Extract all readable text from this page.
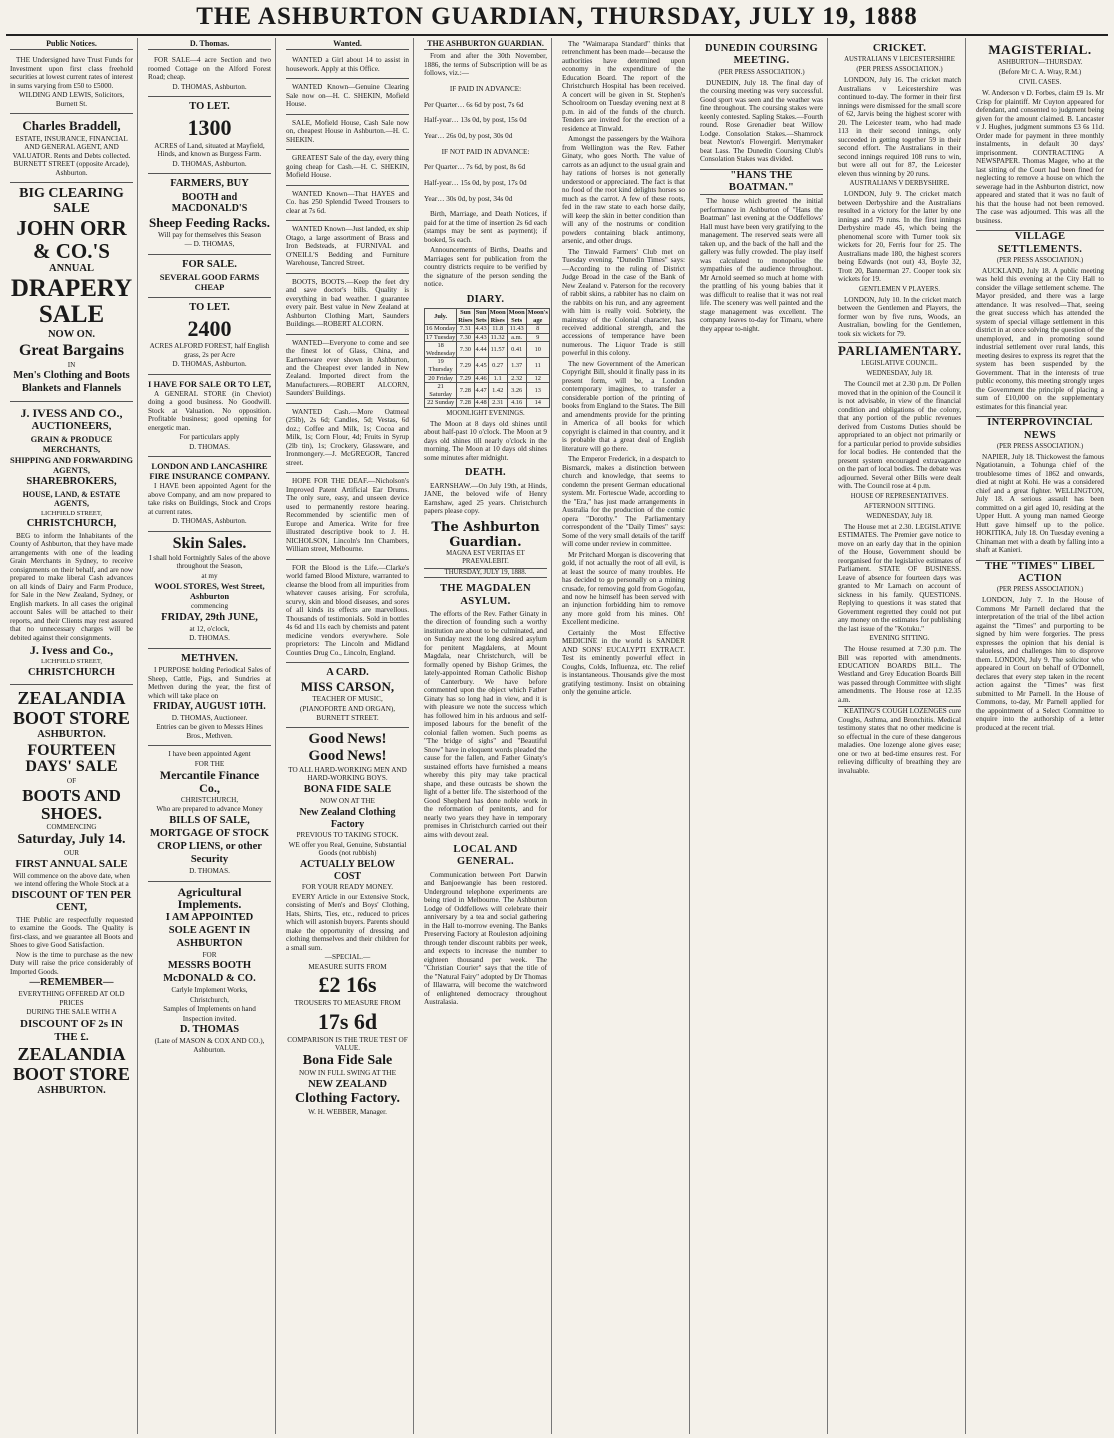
THE ASHBURTON GUARDIAN, THURSDAY, JULY 19, 1888
Public Notices.

THE Undersigned have Trust Funds for Investment upon first class freehold securities at lowest current rates of interest in sums varying from £50 to £5000.

WILDING AND LEWIS, Solicitors, Burnett St.

Charles Braddell,

ESTATE, INSURANCE, FINANCIAL AND GENERAL AGENT, AND VALUATOR. Rents and Debts collected. BURNETT STREET (opposite Arcade), Ashburton.

BIG CLEARING SALE

JOHN ORR & CO.'S

ANNUAL

DRAPERY SALE

NOW ON.

Great Bargains

IN

Men's Clothing and Boots

Blankets and Flannels

J. IVESS AND CO.,

AUCTIONEERS,

GRAIN & PRODUCE MERCHANTS,

SHIPPING AND FORWARDING AGENTS,

SHAREBROKERS,

HOUSE, LAND, & ESTATE AGENTS,

LICHFIELD STREET,

CHRISTCHURCH,

BEG to inform the Inhabitants of the County of Ashburton, that they have made arrangements with one of the leading Grain Merchants in Sydney, to receive consignments on their behalf, and are now prepared to make liberal Cash advances on all kinds of Dairy and Farm Produce, for Sale in the New Zealand, Sydney, or English markets. In all cases the original account Sales will be attached to their reports, and their Clients may rest assured that no unnecessary charges will be debited against their consignments.

J. Ivess and Co.,

LICHFIELD STREET,

CHRISTCHURCH

ZEALANDIA

BOOT STORE

ASHBURTON.

FOURTEEN DAYS' SALE

OF

BOOTS AND SHOES.

COMMENCING

Saturday, July 14.

OUR

FIRST ANNUAL SALE

Will commence on the above date, when we intend offering the Whole Stock at a

DISCOUNT OF TEN PER CENT,

THE Public are respectfully requested to examine the Goods. The Quality is first-class, and we guarantee all Boots and Shoes to give Good Satisfaction.

Now is the time to purchase as the new Duty will raise the price considerably of Imported Goods.

—REMEMBER—

EVERYTHING OFFERED AT OLD PRICES

DURING THE SALE WITH A

DISCOUNT OF 2s IN THE £.

ZEALANDIA

BOOT STORE

ASHBURTON.

D. Thomas.

FOR SALE—4 acre Section and two roomed Cottage on the Alford Forest Road; cheap.

D. THOMAS, Ashburton.

TO LET.

1300

ACRES of Land, situated at Mayfield, Hinds, and known as Burgess Farm.

D. THOMAS, Ashburton.

FARMERS, BUY

BOOTH and MACDONALD'S

Sheep Feeding Racks.

Will pay for themselves this Season

— D. THOMAS,

FOR SALE.

SEVERAL GOOD FARMS CHEAP

TO LET.

2400

ACRES ALFORD FOREST, half English grass, 2s per Acre

D. THOMAS, Ashburton.

I HAVE FOR SALE OR TO LET,

A GENERAL STORE (in Cheviot) doing a good business. No Goodwill. Stock at Valuation. No opposition. Profitable business; good opening for energetic man.

For particulars apply

D. THOMAS.

LONDON AND LANCASHIRE FIRE INSURANCE COMPANY.

I HAVE been appointed Agent for the above Company, and am now prepared to take risks on Buildings, Stock and Crops at current rates.

D. THOMAS, Ashburton.

Skin Sales.

I shall hold Fortnightly Sales of the above throughout the Season,

at my

WOOL STORES, West Street, Ashburton

commencing

FRIDAY, 29th JUNE,

at 12, o'clock,

D. THOMAS.

METHVEN.

I PURPOSE holding Periodical Sales of Sheep, Cattle, Pigs, and Sundries at Methven during the year, the first of which will take place on

FRIDAY, AUGUST 10TH.

D. THOMAS, Auctioneer.

Entries can be given to Messrs Hines Bros., Methven.

I have been appointed Agent

FOR THE

Mercantile Finance Co.,

CHRISTCHURCH,

Who are prepared to advance Money

BILLS OF SALE,

MORTGAGE OF STOCK

CROP LIENS, or other Security

D. THOMAS.

Agricultural Implements.

I AM APPOINTED

SOLE AGENT IN ASHBURTON

FOR

MESSRS BOOTH McDONALD & CO.

Carlyle Implement Works,

Christchurch,

Samples of Implements on hand

Inspection invited.

D. THOMAS

(Late of MASON & COX AND CO.), Ashburton.

Wanted.

WANTED a Girl about 14 to assist in housework. Apply at this Office.

WANTED Known—Genuine Clearing Sale now on—H. C. SHEKIN, Mofield House.

SALE, Mofield House, Cash Sale now on, cheapest House in Ashburton.—H. C. SHEKIN.

GREATEST Sale of the day, every thing going cheap for Cash.—H. C. SHEKIN, Mofield House.

WANTED Known—That HAYES and Co. has 250 Splendid Tweed Trousers to clear at 7s 6d.

WANTED Known—Just landed, ex ship Otago, a large assortment of Brass and Iron Bedsteads, at FURNIVAL and O'NEILL'S Bedding and Furniture Warehouse, Tancred Street.

BOOTS, BOOTS.—Keep the feet dry and save doctor's bills. Quality is everything in bad weather. I guarantee every pair. Best value in New Zealand at Ashburton Clothing Mart, Saunders Buildings.—ROBERT ALCORN.

WANTED—Everyone to come and see the finest lot of Glass, China, and Earthenware ever shown in Ashburton, and the Cheapest ever landed in New Zealand. Imported direct from the Manufacturers.—ROBERT ALCORN, Saunders' Buildings.

WANTED Cash.—More Oatmeal (25lb), 2s 6d; Candles, 5d; Vestas, 6d doz.; Coffee and Milk, 1s; Cocoa and Milk, 1s; Corn Flour, 4d; Fruits in Syrup (2lb tin), 1s; Crockery, Glassware, and Ironmongery.—J. McGREGOR, Tancred street.

HOPE FOR THE DEAF.—Nicholson's Improved Patent Artificial Ear Drums. The only sure, easy, and unseen device used to permanently restore hearing. Recommended by scientific men of Europe and America. Write for free illustrated descriptive book to J. H. NICHOLSON, Lincoln's Inn Chambers, William street, Melbourne.

FOR the Blood is the Life.—Clarke's world famed Blood Mixture, warranted to cleanse the blood from all impurities from whatever causes arising. For scrofula, scurvy, skin and blood diseases, and sores of all kinds its effects are marvellous. Thousands of testimonials. Sold in bottles 4s 6d and 11s each by chemists and patent medicine vendors everywhere. Sole proprietors: The Lincoln and Midland Counties Drug Co., Lincoln, England.

A CARD.

MISS CARSON,

TEACHER OF MUSIC,

(PIANOFORTE AND ORGAN),

BURNETT STREET.

Good News!

Good News!

TO ALL HARD-WORKING MEN AND HARD-WORKING BOYS.

BONA FIDE SALE

NOW ON AT THE

New Zealand Clothing Factory

PREVIOUS TO TAKING STOCK.

WE offer you Real, Genuine, Substantial Goods (not rubbish)

ACTUALLY BELOW COST

FOR YOUR READY MONEY.

EVERY Article in our Extensive Stock, consisting of Men's and Boys' Clothing, Hats, Shirts, Ties, etc., reduced to prices which will astonish buyers. Parents should make the opportunity of dressing and clothing themselves and their children for a small sum.

—SPECIAL.—

MEASURE SUITS FROM

£2 16s

TROUSERS TO MEASURE FROM

17s 6d

COMPARISON IS THE TRUE TEST OF VALUE.

Bona Fide Sale

NOW IN FULL SWING AT THE

NEW ZEALAND

Clothing Factory.

W. H. WEBBER, Manager.

THE ASHBURTON GUARDIAN.

From and after the 30th November, 1886, the terms of Subscription will be as follows, viz.:—

IF PAID IN ADVANCE:

Per Quarter… 6s 6d by post, 7s 6d

Half-year… 13s 0d, by post, 15s 0d

Year… 26s 0d, by post, 30s 0d

IF NOT PAID IN ADVANCE:

Per Quarter… 7s 6d, by post, 8s 6d

Half-year… 15s 0d, by post, 17s 0d

Year… 30s 0d, by post, 34s 0d

Birth, Marriage, and Death Notices, if paid for at the time of insertion 2s 6d each (stamps may be sent as payment); if booked, 5s each.

Announcements of Births, Deaths and Marriages sent for publication from the country districts require to be verified by the signature of the person sending the notice.

DIARY.

July.	Sun Rises	Sun Sets	Moon Rises	Moon Sets	Moon's age
16 Monday	7.31	4.43	11.8	11.43	8
17 Tuesday	7.30	4.43	11.32	a.m.	9
18 Wednesday	7.30	4.44	11.57	0.41	10
19 Thursday	7.29	4.45	0.27	1.37	11
20 Friday	7.29	4.46	1.1	2.32	12
21 Saturday	7.28	4.47	1.42	3.26	13
22 Sunday	7.28	4.48	2.31	4.16	14

MOONLIGHT EVENINGS.

The Moon at 8 days old shines until about half-past 10 o'clock. The Moon at 9 days old shines till nearly o'clock in the morning. The Moon at 10 days old shines some minutes after midnight.

DEATH.

EARNSHAW.—On July 19th, at Hinds, JANE, the beloved wife of Henry Earnshaw, aged 25 years. Christchurch papers please copy.

The Ashburton Guardian.

MAGNA EST VERITAS ET PRAEVALEBIT.

THURSDAY, JULY 19, 1888.

THE MAGDALEN ASYLUM.

The efforts of the Rev. Father Ginaty in the direction of founding such a worthy institution are about to be culminated, and on Sunday next the long desired asylum for penitent Magdalens, at Mount Magdala, near Christchurch, will be formally opened by Bishop Grimes, the lately-appointed Roman Catholic Bishop of Canterbury. We have before commented upon the object which Father Ginaty has so long had in view, and it is with pleasure we note the success which has followed him in his arduous and self-imposed labours for the benefit of the colonial fallen women. Such poems as "The bridge of sighs" and "Beautiful Snow" have in eloquent words pleaded the cause for the fallen, and Father Ginaty's sustained efforts have furnished a means whereby this pity may take practical shape, and these outcasts be shown the light of a better life. The sisterhood of the Good Shepherd has done noble work in the reformation of penitents, and for nearly two years they have in temporary premises in Christchurch carried out their aims with devout zeal.

LOCAL AND GENERAL.

Communication between Port Darwin and Banjoewangie has been restored. Underground telephone experiments are being tried in Melbourne. The Ashburton Lodge of Oddfellows will celebrate their anniversary by a tea and social gathering in the Hall to-morrow evening. The Banks Preserving Factory at Rouleston adjoining through tender discount rabbits per week, and expects to increase the number to eighteen thousand per week. The "Christian Courier" says that the title of the "Natural Fairy" adopted by Dr Thomas of Illawarra, will become the watchword of enlightened democracy throughout Australasia.

The "Waimarapa Standard" thinks that retrenchment has been made—because the authorities have determined upon economy in the expenditure of the Education Board. The report of the Christchurch Hospital has been received. A concert will be given in St. Stephen's Schoolroom on Tuesday evening next at 8 p.m. in aid of the funds of the church. Tenders are invited for the erection of a residence at Tinwald.

Amongst the passengers by the Waihora from Wellington was the Rev. Father Ginaty, who goes North. The value of carrots as an adjunct to the usual grain and hay rations of horses is not generally understood or appreciated. The fact is that no food of the root kind delights horses so much as the carrot. A few of these roots, fed in the raw state to each horse daily, will keep the skin in better condition than will any of the nostrums or condition powders containing black antimony, arsenic, and other drugs.

The Tinwald Farmers' Club met on Tuesday evening. "Dunedin Times" says:—According to the ruling of District Judge Broad in the case of the Bank of New Zealand v. Paterson for the recovery of rabbit skins, a rabbiter has no claim on the rabbits on his run, and any agreement with him is really void. Sobriety, the mainstay of the Colonial character, has received additional strength, and the accessions of temperance have been numerous. The Liquor Trade is still powerful in this colony.

The new Government of the American Copyright Bill, should it finally pass in its present form, will be, a London contemporary imagines, to transfer a considerable portion of the printing of books from England to the States. The Bill and amendments provide for the printing in America of all books for which copyright is claimed in that country, and it is probable that a great deal of English literature will go there.

The Emperor Frederick, in a despatch to Bismarck, makes a distinction between church and knowledge, that seems to condemn the present German educational system. Mr. Fortescue Wade, according to the "Era," has just made arrangements in Australia for the production of the comic opera "Dorothy." The Parliamentary correspondent of the "Daily Times" says: Some of the very small details of the tariff will come under review in committee.

Mr Pritchard Morgan is discovering that gold, if not actually the root of all evil, is at least the source of many troubles. He has decided to go personally on a mining crusade, for removing gold from Gogofau, and now he himself has been served with an injunction forbidding him to remove any more gold from his mines. Oh! Excellent medicine.

Certainly the Most Effective MEDICINE in the world is SANDER AND SONS' EUCALYPTI EXTRACT. Test its eminently powerful effect in Coughs, Colds, Influenza, etc. The relief is instantaneous. Thousands give the most gratifying testimony. Insist on obtaining only the genuine article.

DUNEDIN COURSING MEETING.

(PER PRESS ASSOCIATION.)

DUNEDIN, July 18. The final day of the coursing meeting was very successful. Good sport was seen and the weather was fine throughout. The coursing stakes were keenly contested. Sapling Stakes.—Fourth round. Rose Grenadier beat Willow Lodge. Consolation Stakes.—Shamrock beat Newton's Flowergirl. Merrymaker beat Lass. The Dunedin Coursing Club's Consolation Stakes was divided.

"HANS THE BOATMAN."

The house which greeted the initial performance in Ashburton of "Hans the Boatman" last evening at the Oddfellows' Hall must have been very gratifying to the management. The reserved seats were all taken up, and the back of the hall and the gallery was fully crowded. The play itself was calculated to monopolise the sympathies of the audience throughout. Mr Arnold seemed so much at home with the prattling of his young babies that it was difficult to realise that it was not real life. The scenery was well painted and the stage management was excellent. The company leaves to-day for Timaru, where they appear to-night.

CRICKET.

AUSTRALIANS V LEICESTERSHIRE

(PER PRESS ASSOCIATION.)

LONDON, July 16. The cricket match Australians v Leicestershire was continued to-day. The former in their first innings were dismissed for the small score of 62, Jarvis being the highest scorer with 20. The Leicester team, who had made 113 in their second innings, only succeeded in getting together 59 in their second effort. The Australians in their second innings required 108 runs to win, but were all out for 87, the Leicester eleven thus winning by 20 runs.

AUSTRALIANS V DERBYSHIRE.

LONDON, July 9. The cricket match between Derbyshire and the Australians resulted in a victory for the latter by one innings and 79 runs. In the first innings Derbyshire made 45, which being the phenomenal score with Turner took six wickets for 20, Ferris four for 25. The Australians made 180, the highest scorers being Edwards (not out) 43, Boyle 32, Trott 20, Bannerman 27. Cooper took six wickets for 19.

GENTLEMEN V PLAYERS.

LONDON, July 10. In the cricket match between the Gentlemen and Players, the former won by five runs, Woods, an Australian, bowling for the Gentlemen, took six wickets for 79.

PARLIAMENTARY.

LEGISLATIVE COUNCIL.

WEDNESDAY, July 18.

The Council met at 2.30 p.m. Dr Pollen moved that in the opinion of the Council it is not advisable, in view of the financial condition and obligations of the colony, that any portion of the public revenues derived from Customs Duties should be appropriated to an object not primarily or for a particular period to provide subsidies for local bodies. He contended that the present system encouraged extravagance on the part of local bodies. The debate was adjourned. Several other Bills were dealt with. The Council rose at 4 p.m.

HOUSE OF REPRESENTATIVES.

AFTERNOON SITTING.

WEDNESDAY, July 18.

The House met at 2.30. LEGISLATIVE ESTIMATES. The Premier gave notice to move on an early day that in the opinion of the House, Government should be reorganised for the legislative estimates of Parliament. STATE OF BUSINESS. Leave of absence for fourteen days was granted to Mr Larnach on account of sickness in his family. QUESTIONS. Replying to questions it was stated that Government regretted they could not put any money on the estimates for publishing the last issue of the "Kotuku."

EVENING SITTING.

The House resumed at 7.30 p.m. The Bill was reported with amendments. EDUCATION BOARDS BILL. The Westland and Grey Education Boards Bill was passed through Committee with slight amendments. The House rose at 12.35 a.m.

KEATING'S COUGH LOZENGES cure Coughs, Asthma, and Bronchitis. Medical testimony states that no other medicine is so effectual in the cure of these dangerous maladies. One lozenge alone gives ease; one or two at bed-time ensures rest. For relieving difficulty of breathing they are invaluable.

MAGISTERIAL.

ASHBURTON—THURSDAY.

(Before Mr C. A. Wray, R.M.)

CIVIL CASES.

W. Anderson v D. Forbes, claim £9 1s. Mr Crisp for plaintiff. Mr Cuyton appeared for defendant, and consented to judgment being given for the amount claimed. B. Lancaster v J. Hughes, judgment summons £3 6s 11d. Order made for payment in three monthly instalments, in default 30 days' imprisonment. CONTRACTING A NEWSPAPER. Thomas Magee, who at the last sitting of the Court had been fined for neglecting to remove a house on which the sewerage had in the Ashburton district, now appeared and stated that it was no fault of his that the house had not been removed. The case was adjourned. This was all the business.

VILLAGE SETTLEMENTS.

(PER PRESS ASSOCIATION.)

AUCKLAND, July 18. A public meeting was held this evening at the City Hall to consider the village settlement scheme. The Mayor presided, and there was a large attendance. It was resolved—That, seeing the great success which has attended the system of special village settlement in this district in at once solving the question of the unemployed, and in promoting sound industrial settlement over rural lands, this meeting desires to express its regret that the system has been suspended by the Government. That in the interests of true public economy, this meeting strongly urges the Government the principle of placing a sum of £10,000 on the supplementary estimates for this financial year.

INTERPROVINCIAL NEWS

(PER PRESS ASSOCIATION.)

NAPIER, July 18. Thickowest the famous Ngatiotanuin, a Tohunga chief of the troublesome times of 1862 and onwards, died at night at Kohi. He was a considered chief and a great fighter. WELLINGTON, July 18. A serious assault has been committed on a girl aged 10, residing at the Upper Hutt. A young man named George Hutt gave himself up to the police. HOKITIKA, July 18. On Tuesday evening a Chinaman met with a death by falling into a shaft at Kanieri.

THE "TIMES" LIBEL ACTION

(PER PRESS ASSOCIATION.)

LONDON, July 7. In the House of Commons Mr Parnell declared that the interpretation of the trial of the libel action against the "Times" and purporting to be signed by him were forgeries. The press expresses the opinion that his denial is valueless, and challenges him to disprove them. LONDON, July 9. The solicitor who appeared in Court on behalf of O'Donnell, declares that every step taken in the recent action against the "Times" was first submitted to Mr Parnell. In the House of Commons, to-day, Mr Parnell applied for the appointment of a Select Committee to enquire into the authorship of a letter produced at the recent trial.
